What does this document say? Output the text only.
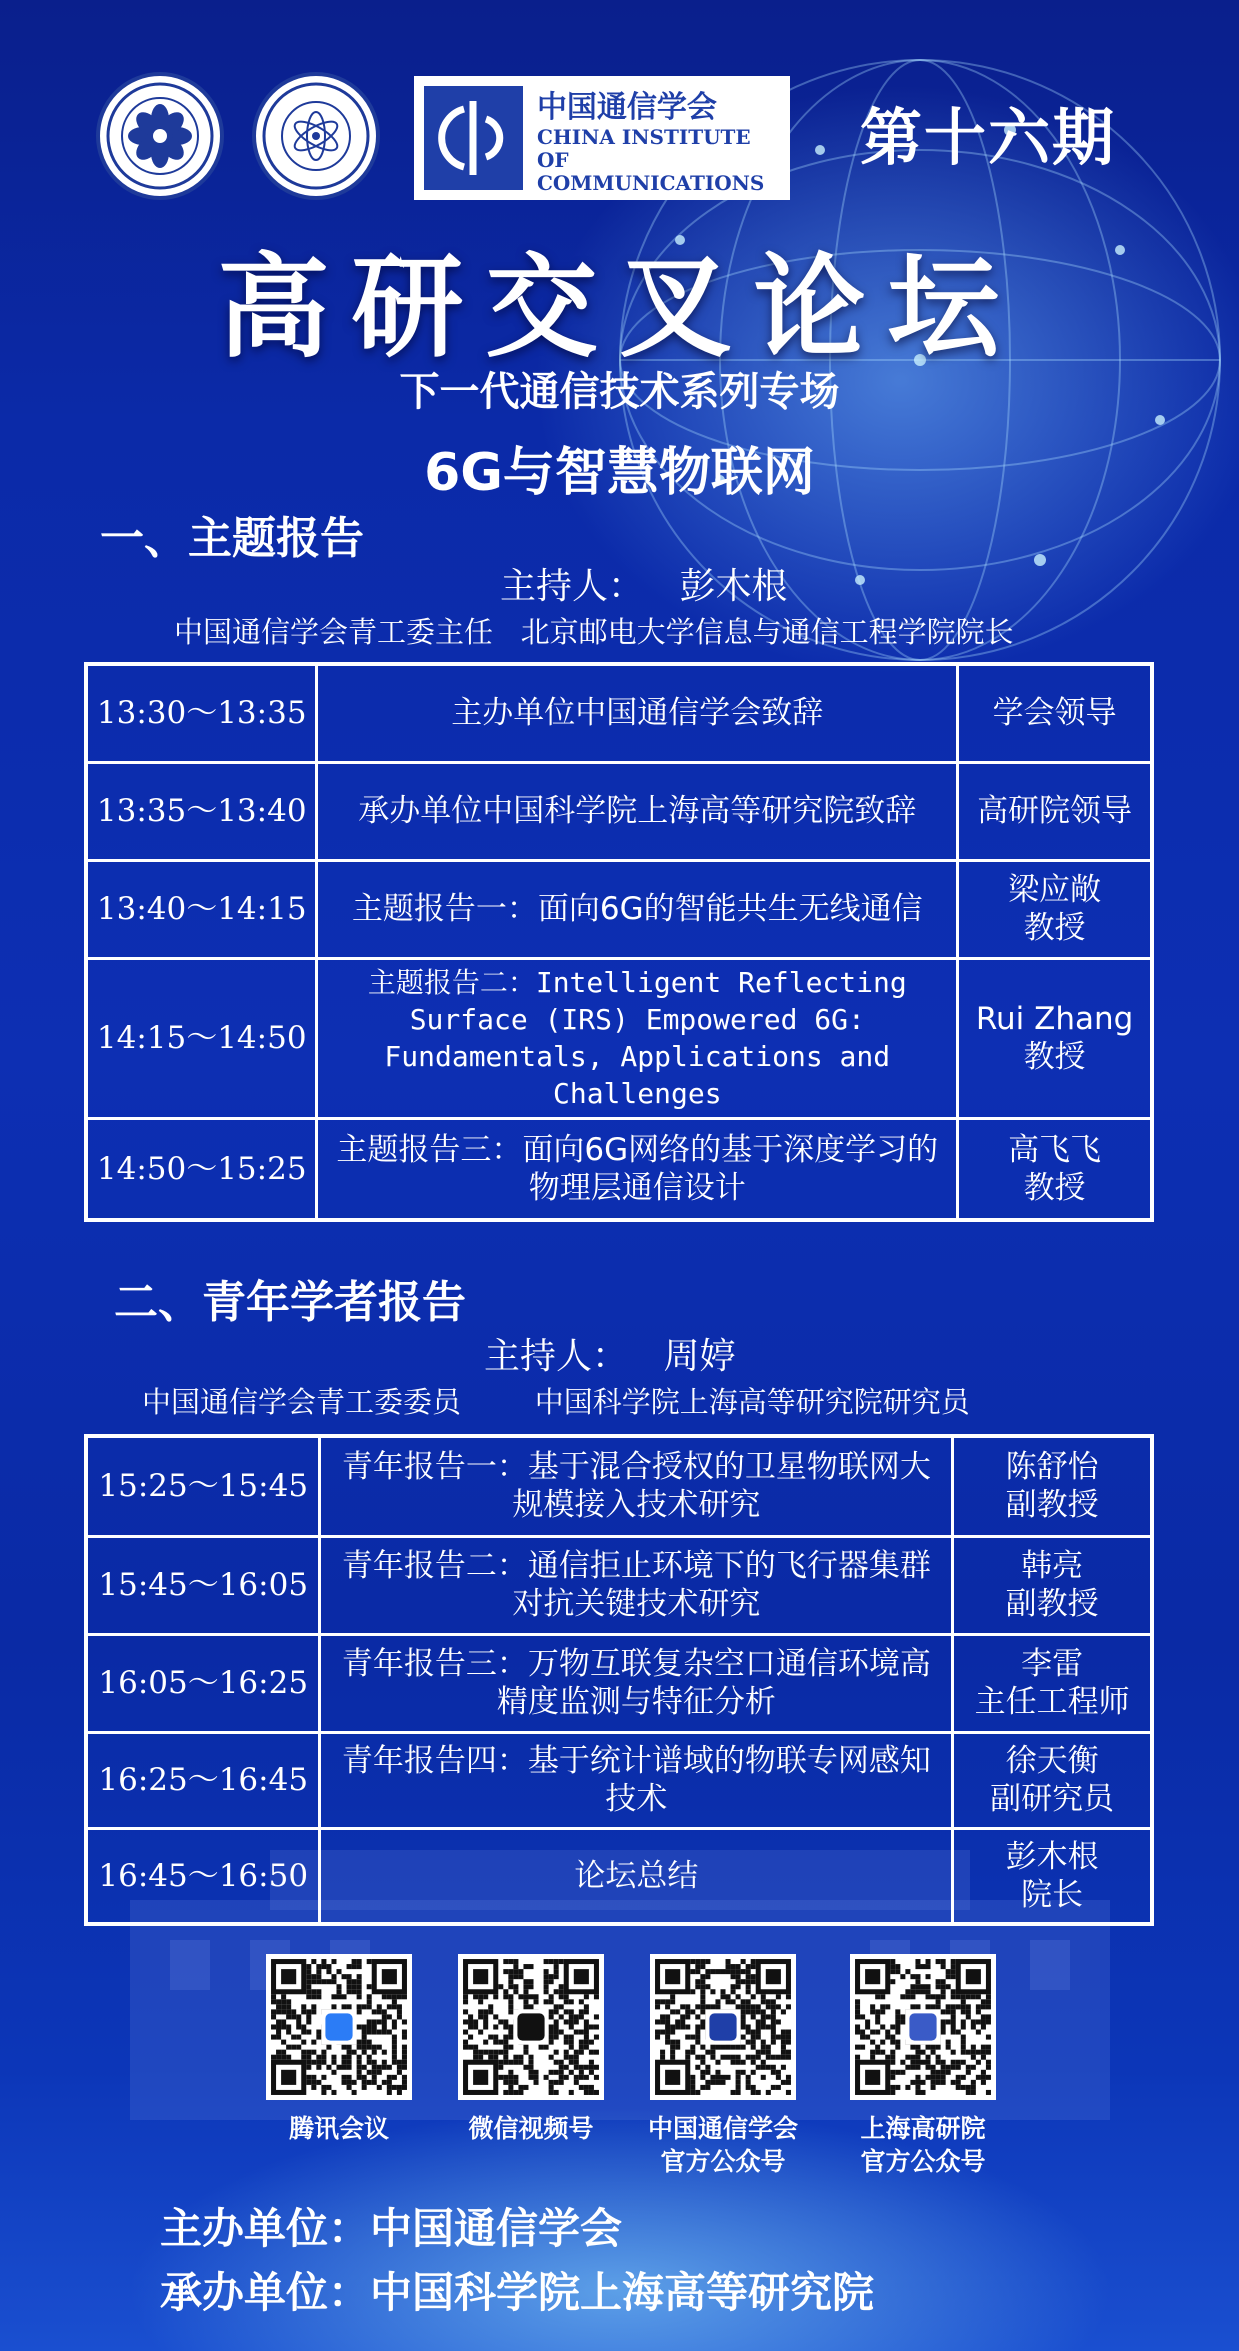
中国通信学会
CHINA INSTITUTE
OF COMMUNICATIONS
第十六期
高研交叉论坛
下一代通信技术系列专场
6G与智慧物联网
一、主题报告
主持人： 彭木根
中国通信学会青工委主任   北京邮电大学信息与通信工程学院院长
13:30～13:35	主办单位中国通信学会致辞	学会领导
13:35～13:40	承办单位中国科学院上海高等研究院致辞	高研院领导
13:40～14:15	主题报告一：面向6G的智能共生无线通信	梁应敞
教授
14:15～14:50	主题报告二：Intelligent Reflecting Surface (IRS) Empowered 6G: Fundamentals, Applications and Challenges	Rui Zhang
教授
14:50～15:25	主题报告三：面向6G网络的基于深度学习的物理层通信设计	高飞飞
教授
二、青年学者报告
主持人： 周婷
中国通信学会青工委委员        中国科学院上海高等研究院研究员
15:25～15:45	青年报告一：基于混合授权的卫星物联网大规模接入技术研究	陈舒怡
副教授
15:45～16:05	青年报告二：通信拒止环境下的飞行器集群对抗关键技术研究	韩亮
副教授
16:05～16:25	青年报告三：万物互联复杂空口通信环境高精度监测与特征分析	李雷
主任工程师
16:25～16:45	青年报告四：基于统计谱域的物联专网感知技术	徐天衡
副研究员
16:45～16:50	论坛总结	彭木根
院长
腾讯会议	微信视频号	中国通信学会
官方公众号
上海高研院
官方公众号
主办单位：中国通信学会
承办单位：中国科学院上海高等研究院
